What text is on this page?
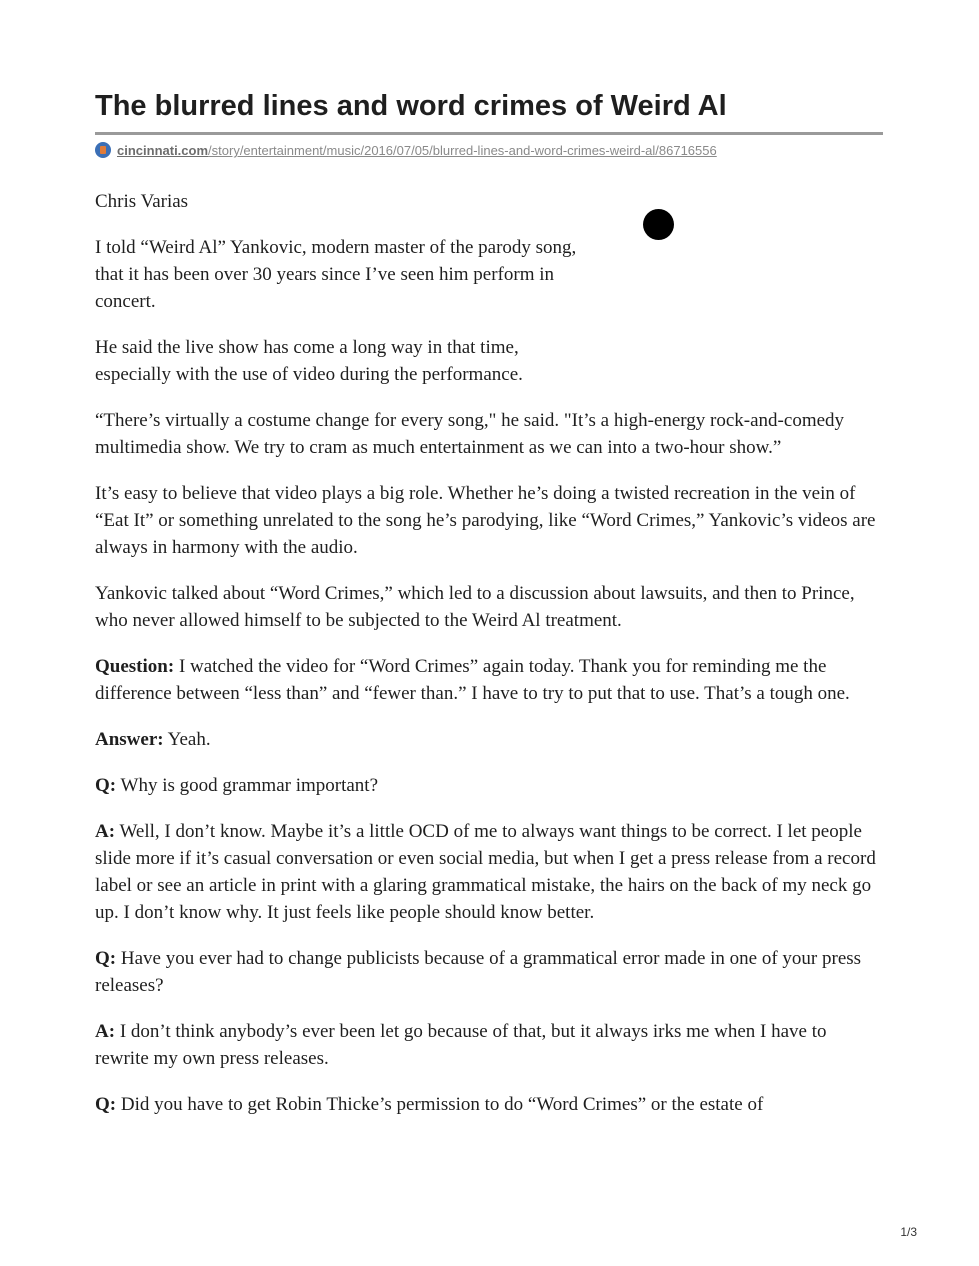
The blurred lines and word crimes of Weird Al
cincinnati.com/story/entertainment/music/2016/07/05/blurred-lines-and-word-crimes-weird-al/86716556

Chris Varias

I told “Weird Al” Yankovic, modern master of the parody song, that it has been over 30 years since I’ve seen him perform in concert.

He said the live show has come a long way in that time, especially with the use of video during the performance.

“There’s virtually a costume change for every song," he said. "It’s a high-energy rock-and-comedy multimedia show. We try to cram as much entertainment as we can into a two-hour show.”

It’s easy to believe that video plays a big role. Whether he’s doing a twisted recreation in the vein of “Eat It” or something unrelated to the song he’s parodying, like “Word Crimes,” Yankovic’s videos are always in harmony with the audio.

Yankovic talked about “Word Crimes,” which led to a discussion about lawsuits, and then to Prince, who never allowed himself to be subjected to the Weird Al treatment.

Question: I watched the video for “Word Crimes” again today. Thank you for reminding me the difference between “less than” and “fewer than.” I have to try to put that to use. That’s a tough one.

Answer: Yeah.

Q: Why is good grammar important?

A: Well, I don’t know. Maybe it’s a little OCD of me to always want things to be correct. I let people slide more if it’s casual conversation or even social media, but when I get a press release from a record label or see an article in print with a glaring grammatical mistake, the hairs on the back of my neck go up. I don’t know why. It just feels like people should know better.

Q: Have you ever had to change publicists because of a grammatical error made in one of your press releases?

A: I don’t think anybody’s ever been let go because of that, but it always irks me when I have to rewrite my own press releases.

Q: Did you have to get Robin Thicke’s permission to do “Word Crimes” or the estate of

1/3
